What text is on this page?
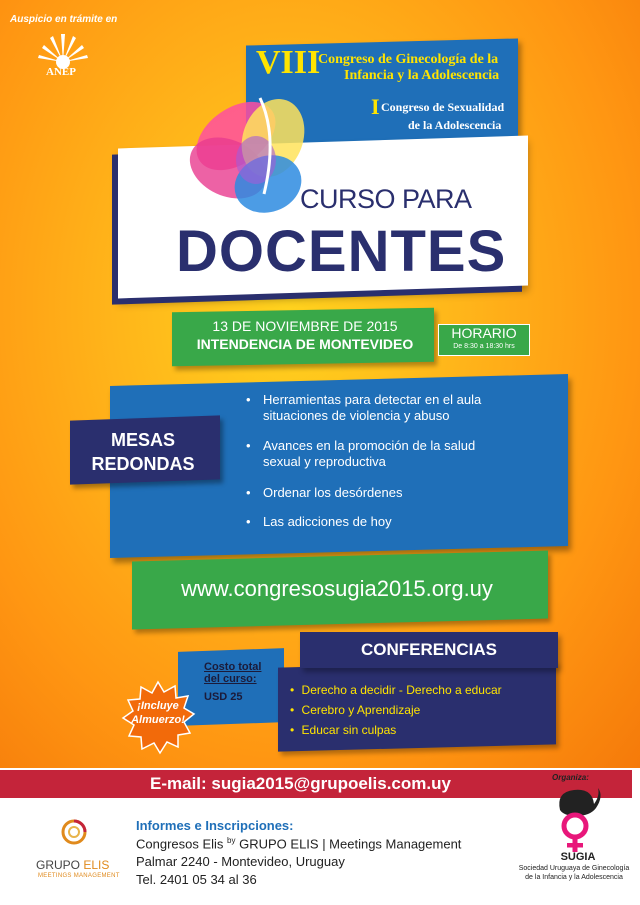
Auspicio en trámite en
ANEP	VIII
Congreso de Ginecología de la
Infancia y la Adolescencia
I Congreso de Sexualidad
de la Adolescencia
CURSO PARA
DOCENTES
13 DE NOVIEMBRE DE 2015
INTENDENCIA DE MONTEVIDEO
HORARIO
De 8:30 a 18:30 hrs
MESAS
REDONDAS
• Herramientas para detectar en el aula
situaciones de violencia y abuso
• Avances en la promoción de la salud
sexual y reproductiva
• Ordenar los desórdenes
• Las adicciones de hoy
www.congresosugia2015.org.uy
Costo total
del curso:
USD 25
¡Incluye
Almuerzo!
CONFERENCIAS
• Derecho a decidir - Derecho a educar
• Cerebro y Aprendizaje
• Educar sin culpas
E-mail: sugia2015@grupoelis.com.uy	Organiza:
SUGIA
Sociedad Uruguaya de Ginecología
de la Infancia y la Adolescencia
GRUPO ELIS
MEETINGS MANAGEMENT
Informes e Inscripciones:
Congresos Elis $^{by}$ GRUPO ELIS | Meetings Management
Palmar 2240 - Montevideo, Uruguay
Tel. 2401 05 34 al 36
